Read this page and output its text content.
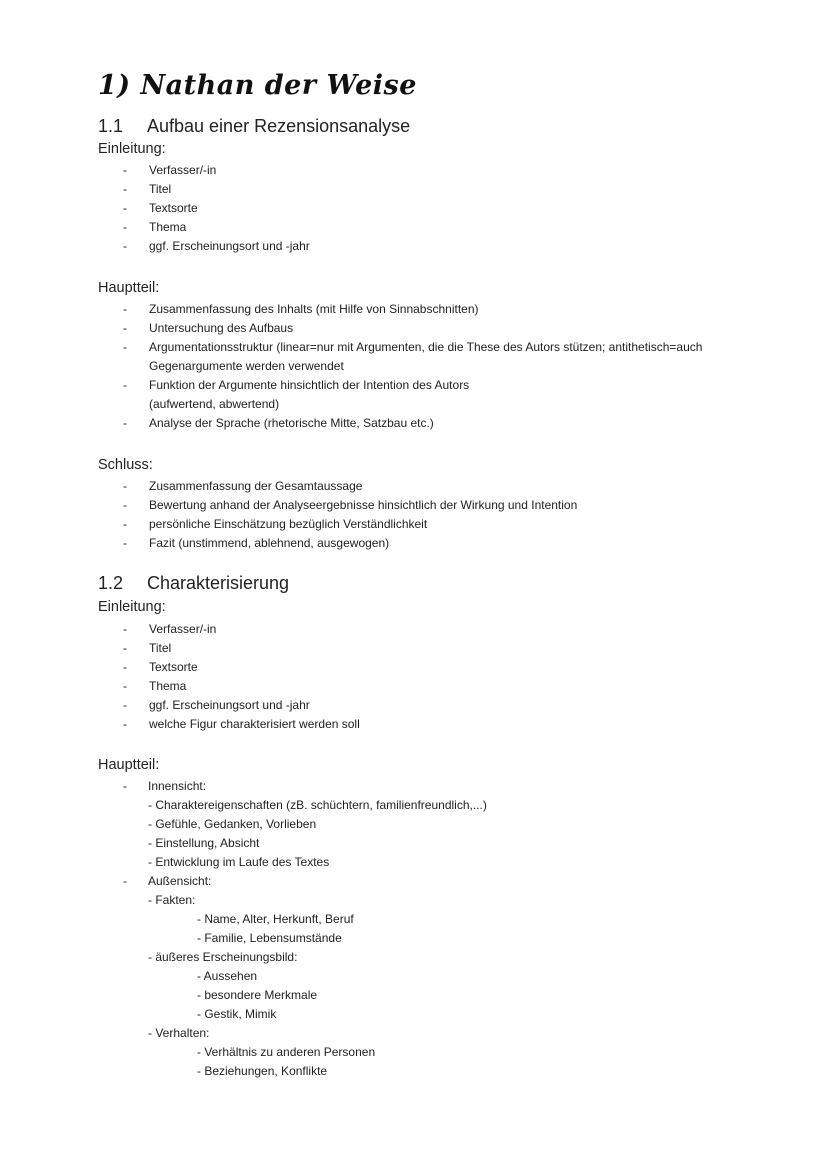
1) Nathan der Weise
1.1 Aufbau einer Rezensionsanalyse
Einleitung:
- Verfasser/-in
- Titel
- Textsorte
- Thema
- ggf. Erscheinungsort und -jahr
Hauptteil:
- Zusammenfassung des Inhalts (mit Hilfe von Sinnabschnitten)
- Untersuchung des Aufbaus
- Argumentationsstruktur (linear=nur mit Argumenten, die die These des Autors stützen; antithetisch=auch
Gegenargumente werden verwendet
- Funktion der Argumente hinsichtlich der Intention des Autors
(aufwertend, abwertend)
- Analyse der Sprache (rhetorische Mitte, Satzbau etc.)
Schluss:
- Zusammenfassung der Gesamtaussage
- Bewertung anhand der Analyseergebnisse hinsichtlich der Wirkung und Intention
- persönliche Einschätzung bezüglich Verständlichkeit
- Fazit (unstimmend, ablehnend, ausgewogen)
1.2 Charakterisierung
Einleitung:
- Verfasser/-in
- Titel
- Textsorte
- Thema
- ggf. Erscheinungsort und -jahr
- welche Figur charakterisiert werden soll
Hauptteil:
- Innensicht:
- Charaktereigenschaften (zB. schüchtern, familienfreundlich,...)
- Gefühle, Gedanken, Vorlieben
- Einstellung, Absicht
- Entwicklung im Laufe des Textes
- Außensicht:
- Fakten:
- Name, Alter, Herkunft, Beruf
- Familie, Lebensumstände
- äußeres Erscheinungsbild:
- Aussehen
- besondere Merkmale
- Gestik, Mimik
- Verhalten:
- Verhältnis zu anderen Personen
- Beziehungen, Konflikte
